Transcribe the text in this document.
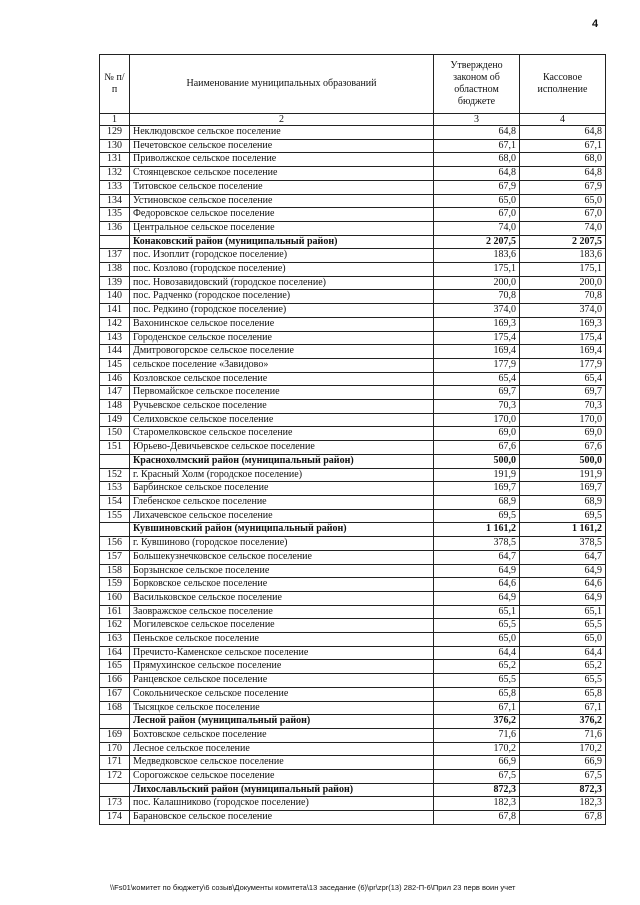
4
№ п/п	Наименование муниципальных образований	Утверждено законом об областном бюджете	Кассовое исполнение
1	2	3	4
129	Неклюдовское сельское поселение	64,8	64,8
130	Печетовское сельское поселение	67,1	67,1
131	Приволжское сельское поселение	68,0	68,0
132	Стоянцевское сельское поселение	64,8	64,8
133	Титовское сельское поселение	67,9	67,9
134	Устиновское сельское поселение	65,0	65,0
135	Федоровское сельское поселение	67,0	67,0
136	Центральное сельское поселение	74,0	74,0
	Конаковский район (муниципальный район)	2 207,5	2 207,5
137	пос. Изоплит (городское поселение)	183,6	183,6
138	пос. Козлово (городское поселение)	175,1	175,1
139	пос. Новозавидовский (городское поселение)	200,0	200,0
140	пос. Радченко (городское поселение)	70,8	70,8
141	пос. Редкино (городское поселение)	374,0	374,0
142	Вахонинское сельское поселение	169,3	169,3
143	Городенское сельское поселение	175,4	175,4
144	Дмитровогорское сельское поселение	169,4	169,4
145	сельское поселение «Завидово»	177,9	177,9
146	Козловское сельское поселение	65,4	65,4
147	Первомайское сельское поселение	69,7	69,7
148	Ручьевское сельское поселение	70,3	70,3
149	Селиховское сельское поселение	170,0	170,0
150	Старомелковское сельское поселение	69,0	69,0
151	Юрьево-Девичьевское сельское поселение	67,6	67,6
	Краснохолмский район (муниципальный район)	500,0	500,0
152	г. Красный Холм (городское поселение)	191,9	191,9
153	Барбинское сельское поселение	169,7	169,7
154	Глебенское сельское поселение	68,9	68,9
155	Лихачевское сельское поселение	69,5	69,5
	Кувшиновский район (муниципальный район)	1 161,2	1 161,2
156	г. Кувшиново (городское поселение)	378,5	378,5
157	Большекузнечковское сельское поселение	64,7	64,7
158	Борзынское сельское поселение	64,9	64,9
159	Борковское сельское поселение	64,6	64,6
160	Васильковское сельское поселение	64,9	64,9
161	Заовражское сельское поселение	65,1	65,1
162	Могилевское сельское поселение	65,5	65,5
163	Пеньское сельское поселение	65,0	65,0
164	Пречисто-Каменское сельское поселение	64,4	64,4
165	Прямухинское сельское поселение	65,2	65,2
166	Ранцевское сельское поселение	65,5	65,5
167	Сокольническое сельское поселение	65,8	65,8
168	Тысяцкое сельское поселение	67,1	67,1
	Лесной район (муниципальный район)	376,2	376,2
169	Бохтовское сельское поселение	71,6	71,6
170	Лесное сельское поселение	170,2	170,2
171	Медведковское сельское поселение	66,9	66,9
172	Сорогожское сельское поселение	67,5	67,5
	Лихославльский район (муниципальный район)	872,3	872,3
173	пос. Калашниково (городское поселение)	182,3	182,3
174	Барановское сельское поселение	67,8	67,8
\\Fs01\комитет по бюджету\6 созыв\Документы комитета\13 заседание (6)\pr\zpr(13) 282-П-6\Прил 23 перв воин учет
